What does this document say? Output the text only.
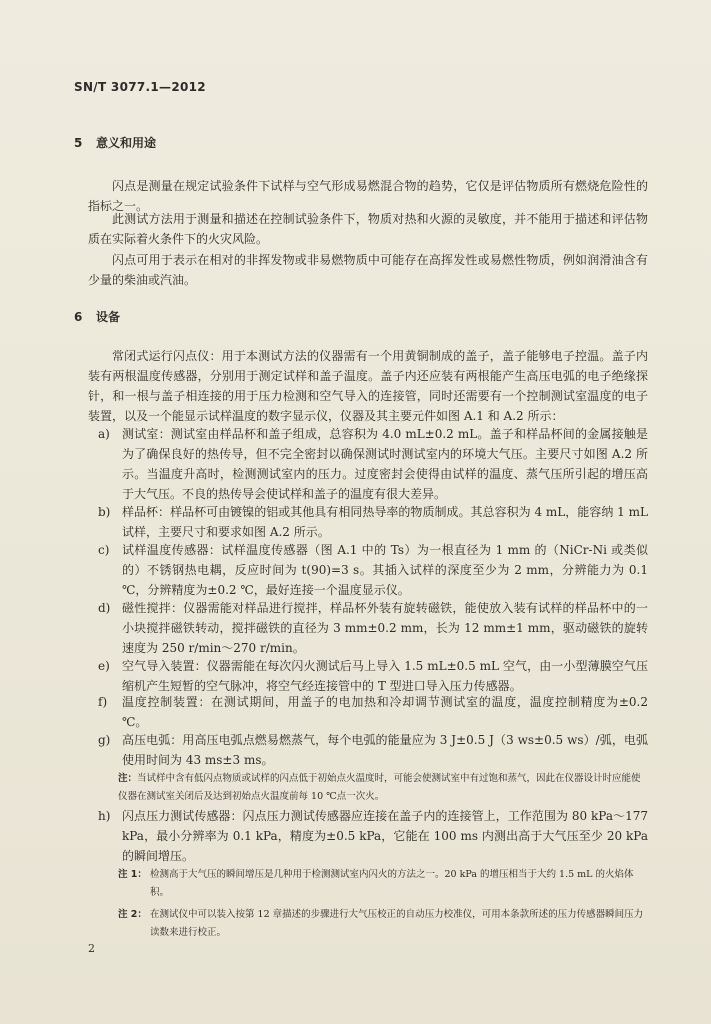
SN/T 3077.1—2012
5 意义和用途
闪点是测量在规定试验条件下试样与空气形成易燃混合物的趋势，它仅是评估物质所有燃烧危险性的指标之一。
此测试方法用于测量和描述在控制试验条件下，物质对热和火源的灵敏度，并不能用于描述和评估物质在实际着火条件下的火灾风险。
闪点可用于表示在相对的非挥发物或非易燃物质中可能存在高挥发性或易燃性物质，例如润滑油含有少量的柴油或汽油。
6 设备
常闭式运行闪点仪：用于本测试方法的仪器需有一个用黄铜制成的盖子，盖子能够电子控温。盖子内装有两根温度传感器，分别用于测定试样和盖子温度。盖子内还应装有两根能产生高压电弧的电子绝缘探针，和一根与盖子相连接的用于压力检测和空气导入的连接管，同时还需要有一个控制测试室温度的电子装置，以及一个能显示试样温度的数字显示仪，仪器及其主要元件如图 A.1 和 A.2 所示：
a) 测试室：测试室由样品杯和盖子组成，总容积为 4.0 mL±0.2 mL。盖子和样品杯间的金属接触是为了确保良好的热传导，但不完全密封以确保测试时测试室内的环境大气压。主要尺寸如图 A.2 所示。当温度升高时，检测测试室内的压力。过度密封会使得由试样的温度、蒸气压所引起的增压高于大气压。不良的热传导会使试样和盖子的温度有很大差异。
b) 样品杯：样品杯可由镀镍的铝或其他具有相同热导率的物质制成。其总容积为 4 mL，能容纳 1 mL 试样，主要尺寸和要求如图 A.2 所示。
c) 试样温度传感器：试样温度传感器（图 A.1 中的 Ts）为一根直径为 1 mm 的（NiCr-Ni 或类似的）不锈钢热电耦，反应时间为 t(90)=3 s。其插入试样的深度至少为 2 mm，分辨能力为 0.1 ℃，分辨精度为±0.2 ℃，最好连接一个温度显示仪。
d) 磁性搅拌：仪器需能对样品进行搅拌，样品杯外装有旋转磁铁，能使放入装有试样的样品杯中的一小块搅拌磁铁转动，搅拌磁铁的直径为 3 mm±0.2 mm，长为 12 mm±1 mm，驱动磁铁的旋转速度为 250 r/min～270 r/min。
e) 空气导入装置：仪器需能在每次闪火测试后马上导入 1.5 mL±0.5 mL 空气，由一小型薄膜空气压缩机产生短暂的空气脉冲，将空气经连接管中的 T 型进口导入压力传感器。
f) 温度控制装置：在测试期间，用盖子的电加热和冷却调节测试室的温度，温度控制精度为±0.2 ℃。
g) 高压电弧：用高压电弧点燃易燃蒸气，每个电弧的能量应为 3 J±0.5 J（3 ws±0.5 ws）/弧，电弧使用时间为 43 ms±3 ms。
注：当试样中含有低闪点物质或试样的闪点低于初始点火温度时，可能会使测试室中有过饱和蒸气，因此在仪器设计时应能使仪器在测试室关闭后及达到初始点火温度前每 10 ℃点一次火。
h) 闪点压力测试传感器：闪点压力测试传感器应连接在盖子内的连接管上，工作范围为 80 kPa～177 kPa，最小分辨率为 0.1 kPa，精度为±0.5 kPa，它能在 100 ms 内测出高于大气压至少 20 kPa 的瞬间增压。
注 1： 检测高于大气压的瞬间增压是几种用于检测测试室内闪火的方法之一。20 kPa 的增压相当于大约 1.5 mL 的火焰体积。
注 2： 在测试仪中可以装入按第 12 章描述的步骤进行大气压校正的自动压力校准仪，可用本条款所述的压力传感器瞬间压力读数来进行校正。
2
